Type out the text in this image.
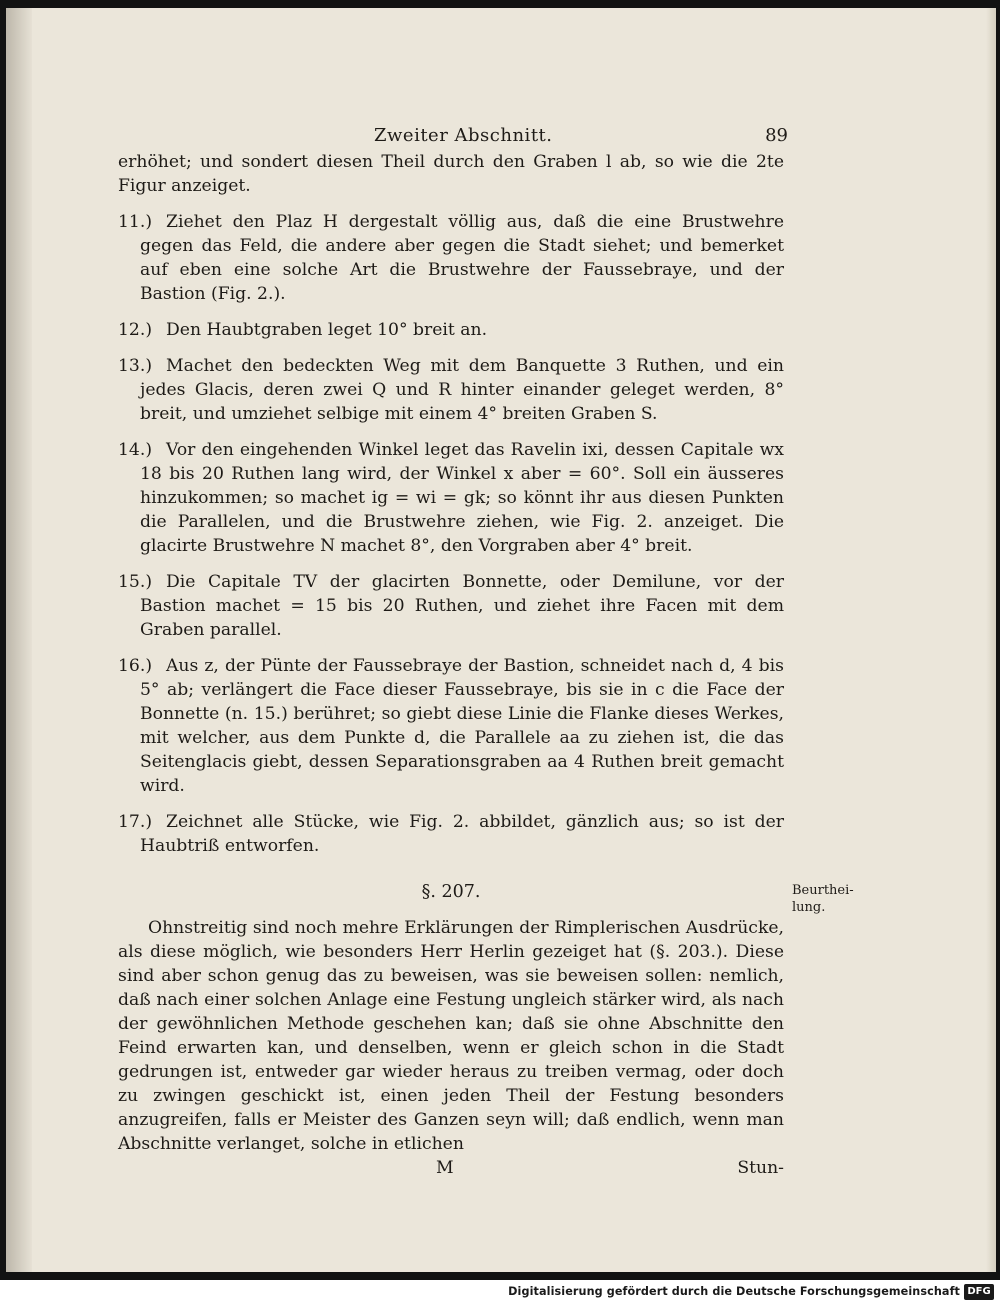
Zweiter Abschnitt.	89

erhöhet; und sondert diesen Theil durch den Graben l ab, so wie die 2te Figur anzeiget.

11.) Ziehet den Plaz H dergestalt völlig aus, daß die eine Brustwehre gegen das Feld, die andere aber gegen die Stadt siehet; und bemerket auf eben eine solche Art die Brustwehre der Faussebraye, und der Bastion (Fig. 2.).

12.) Den Haubtgraben leget 10° breit an.

13.) Machet den bedeckten Weg mit dem Banquette 3 Ruthen, und ein jedes Glacis, deren zwei Q und R hinter einander geleget werden, 8° breit, und umziehet selbige mit einem 4° breiten Graben S.

14.) Vor den eingehenden Winkel leget das Ravelin ixi, dessen Capitale wx 18 bis 20 Ruthen lang wird, der Winkel x aber = 60°. Soll ein äusseres hinzukommen; so machet ig = wi = gk; so könnt ihr aus diesen Punkten die Parallelen, und die Brustwehre ziehen, wie Fig. 2. anzeiget. Die glacirte Brustwehre N machet 8°, den Vorgraben aber 4° breit.

15.) Die Capitale TV der glacirten Bonnette, oder Demilune, vor der Bastion machet = 15 bis 20 Ruthen, und ziehet ihre Facen mit dem Graben parallel.

16.) Aus z, der Pünte der Faussebraye der Bastion, schneidet nach d, 4 bis 5° ab; verlängert die Face dieser Faussebraye, bis sie in c die Face der Bonnette (n. 15.) berühret; so giebt diese Linie die Flanke dieses Werkes, mit welcher, aus dem Punkte d, die Parallele aa zu ziehen ist, die das Seitenglacis giebt, dessen Separationsgraben aa 4 Ruthen breit gemacht wird.

17.) Zeichnet alle Stücke, wie Fig. 2. abbildet, gänzlich aus; so ist der Haubtriß entworfen.

§. 207.

Ohnstreitig sind noch mehre Erklärungen der Rimplerischen Ausdrücke, als diese möglich, wie besonders Herr Herlin gezeiget hat (§. 203.). Diese sind aber schon genug das zu beweisen, was sie beweisen sollen: nemlich, daß nach einer solchen Anlage eine Festung ungleich stärker wird, als nach der gewöhnlichen Methode geschehen kan; daß sie ohne Abschnitte den Feind erwarten kan, und denselben, wenn er gleich schon in die Stadt gedrungen ist, entweder gar wieder heraus zu treiben vermag, oder doch zu zwingen geschickt ist, einen jeden Theil der Festung besonders anzugreifen, falls er Meister des Ganzen seyn will; daß endlich, wenn man Abschnitte verlanget, solche in etlichen

M	Stun-
Beurthei-lung.
Digitalisierung gefördert durch die Deutsche Forschungsgemeinschaft DFG
